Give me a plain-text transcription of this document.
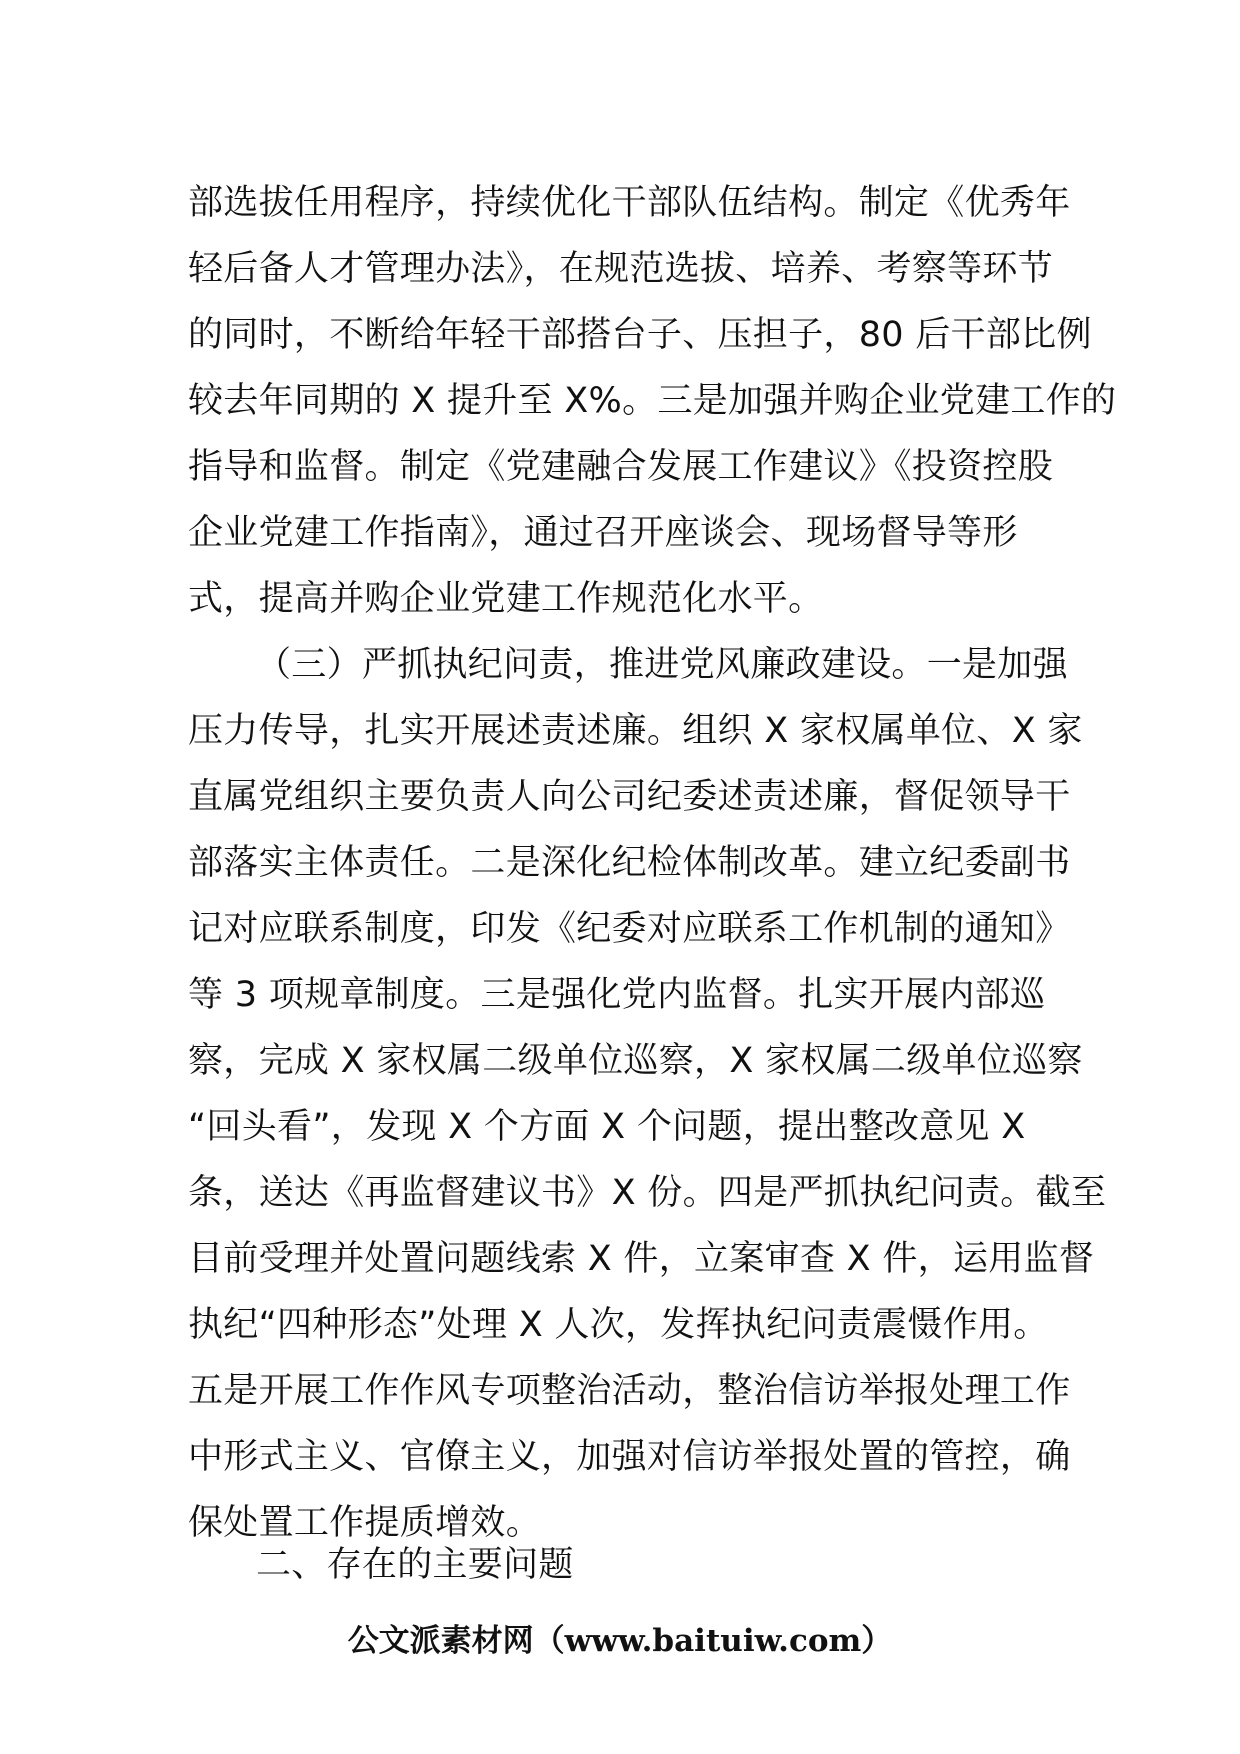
部选拔任用程序，持续优化干部队伍结构。制定《优秀年
轻后备人才管理办法》，在规范选拔、培养、考察等环节
的同时，不断给年轻干部搭台子、压担子，80 后干部比例
较去年同期的 X 提升至 X%。三是加强并购企业党建工作的
指导和监督。制定《党建融合发展工作建议》《投资控股
企业党建工作指南》，通过召开座谈会、现场督导等形
式，提高并购企业党建工作规范化水平。
（三）严抓执纪问责，推进党风廉政建设。一是加强
压力传导，扎实开展述责述廉。组织 X 家权属单位、X 家
直属党组织主要负责人向公司纪委述责述廉，督促领导干
部落实主体责任。二是深化纪检体制改革。建立纪委副书
记对应联系制度，印发《纪委对应联系工作机制的通知》
等 3 项规章制度。三是强化党内监督。扎实开展内部巡
察，完成 X 家权属二级单位巡察，X 家权属二级单位巡察
“回头看”，发现 X 个方面 X 个问题，提出整改意见 X
条，送达《再监督建议书》X 份。四是严抓执纪问责。截至
目前受理并处置问题线索 X 件，立案审查 X 件，运用监督
执纪“四种形态”处理 X 人次，发挥执纪问责震慑作用。
五是开展工作作风专项整治活动，整治信访举报处理工作
中形式主义、官僚主义，加强对信访举报处置的管控，确
保处置工作提质增效。
二、存在的主要问题
公文派素材网（www.baituiw.com）
